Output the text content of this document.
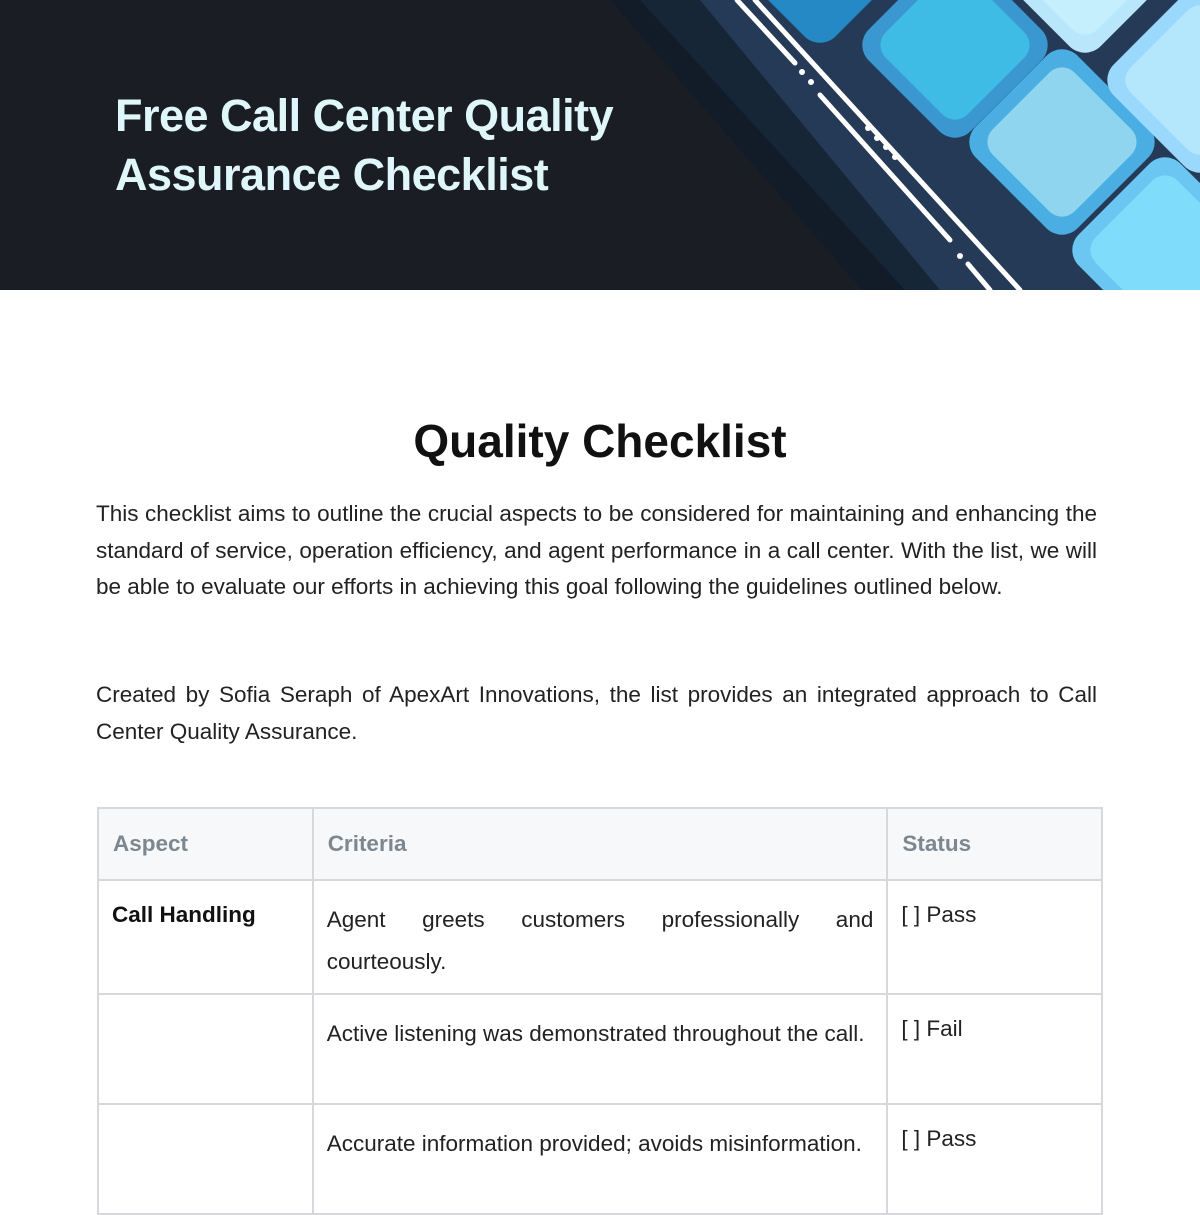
Free Call Center Quality
Assurance Checklist
Quality Checklist

This checklist aims to outline the crucial aspects to be considered for maintaining and enhancing the standard of service, operation efficiency, and agent performance in a call center. With the list, we will be able to evaluate our efforts in achieving this goal following the guidelines outlined below.

Created by Sofia Seraph of ApexArt Innovations, the list provides an integrated approach to Call Center Quality Assurance.

Aspect	Criteria	Status
Call Handling	Agent greets customers professionally and courteously.	[ ] Pass
	Active listening was demonstrated throughout the call.	[ ] Fail
	Accurate information provided; avoids misinformation.	[ ] Pass
